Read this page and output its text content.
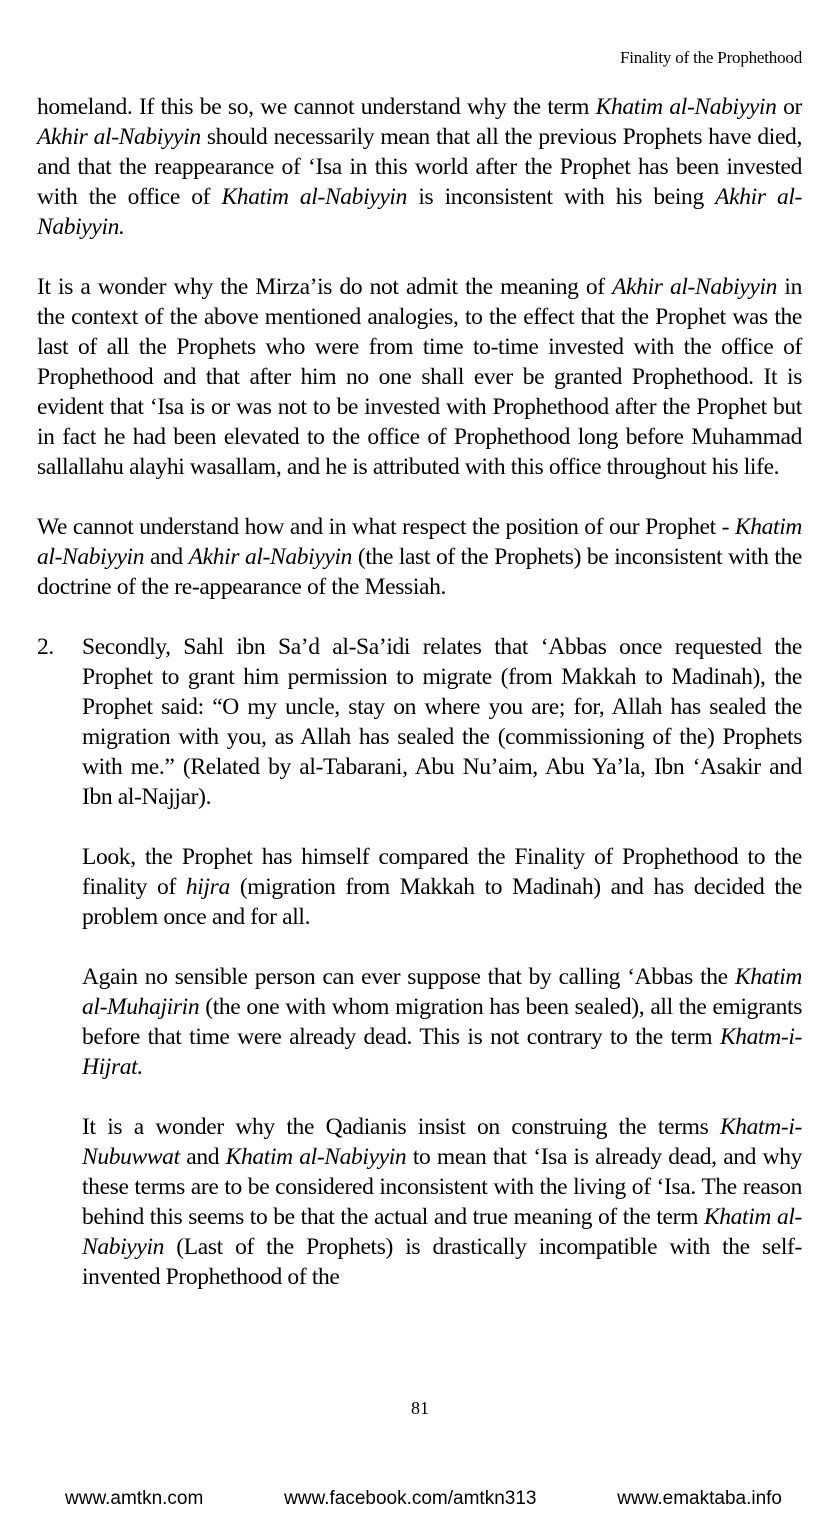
Finality of the Prophethood

homeland. If this be so, we cannot understand why the term Khatim al-Nabiyyin or Akhir al-Nabiyyin should necessarily mean that all the previous Prophets have died, and that the reappearance of ‘Isa in this world after the Prophet has been invested with the office of Khatim al-Nabiyyin is inconsistent with his being Akhir al-Nabiyyin.

It is a wonder why the Mirza’is do not admit the meaning of Akhir al-Nabiyyin in the context of the above mentioned analogies, to the effect that the Prophet was the last of all the Prophets who were from time to-time invested with the office of Prophethood and that after him no one shall ever be granted Prophethood. It is evident that ‘Isa is or was not to be invested with Prophethood after the Prophet but in fact he had been elevated to the office of Prophethood long before Muhammad sallallahu alayhi wasallam, and he is attributed with this office throughout his life.

We cannot understand how and in what respect the position of our Prophet - Khatim al-Nabiyyin and Akhir al-Nabiyyin (the last of the Prophets) be inconsistent with the doctrine of the re-appearance of the Messiah.

2.	Secondly, Sahl ibn Sa’d al-Sa’idi relates that ‘Abbas once requested the Prophet to grant him permission to migrate (from Makkah to Madinah), the Prophet said: “O my uncle, stay on where you are; for, Allah has sealed the migration with you, as Allah has sealed the (commissioning of the) Prophets with me.” (Related by al-Tabarani, Abu Nu’aim, Abu Ya’la, Ibn ‘Asakir and Ibn al-Najjar).

Look, the Prophet has himself compared the Finality of Prophethood to the finality of hijra (migration from Makkah to Madinah) and has decided the problem once and for all.

Again no sensible person can ever suppose that by calling ‘Abbas the Khatim al-Muhajirin (the one with whom migration has been sealed), all the emigrants before that time were already dead. This is not contrary to the term Khatm-i-Hijrat.

It is a wonder why the Qadianis insist on construing the terms Khatm-i-Nubuwwat and Khatim al-Nabiyyin to mean that ‘Isa is already dead, and why these terms are to be considered inconsistent with the living of ‘Isa. The reason behind this seems to be that the actual and true meaning of the term Khatim al-Nabiyyin (Last of the Prophets) is drastically incompatible with the self-invented Prophethood of the

81
www.amtkn.com	www.facebook.com/amtkn313	www.emaktaba.info
